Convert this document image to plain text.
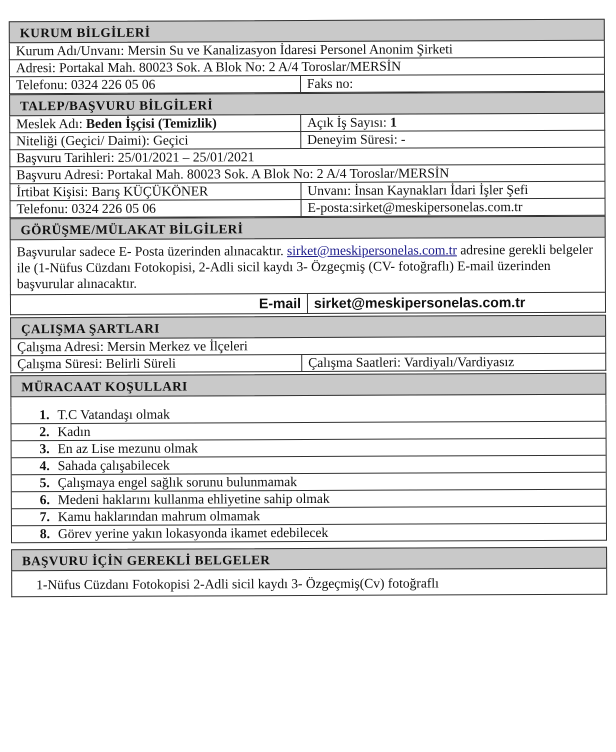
KURUM BİLGİLERİ
Kurum Adı/Unvanı: Mersin Su ve Kanalizasyon İdaresi Personel Anonim Şirketi
Adresi: Portakal Mah. 80023 Sok. A Blok No: 2 A/4 Toroslar/MERSİN
Telefonu: 0324 226 05 06	Faks no:
TALEP/BAŞVURU BİLGİLERİ
Meslek Adı: Beden İşçisi (Temizlik)	Açık İş Sayısı: 1
Niteliği (Geçici/ Daimi): Geçici	Deneyim Süresi: -
Başvuru Tarihleri: 25/01/2021 – 25/01/2021
Başvuru Adresi: Portakal Mah. 80023 Sok. A Blok No: 2 A/4 Toroslar/MERSİN
İrtibat Kişisi: Barış KÜÇÜKÖNER	Unvanı: İnsan Kaynakları İdari İşler Şefi
Telefonu: 0324 226 05 06	E-posta:sirket@meskipersonelas.com.tr
GÖRÜŞME/MÜLAKAT BİLGİLERİ
Başvurular sadece E- Posta üzerinden alınacaktır. sirket@meskipersonelas.com.tr adresine gerekli belgeler ile (1-Nüfus Cüzdanı Fotokopisi, 2-Adli sicil kaydı 3- Özgeçmiş (CV- fotoğraflı) E-mail üzerinden başvurular alınacaktır.
E-mail sirket@meskipersonelas.com.tr
ÇALIŞMA ŞARTLARI
Çalışma Adresi: Mersin Merkez ve İlçeleri
Çalışma Süresi: Belirli Süreli	Çalışma Saatleri: Vardiyalı/Vardiyasız
MÜRACAAT KOŞULLARI
1. T.C Vatandaşı olmak
2. Kadın
3. En az Lise mezunu olmak
4. Sahada çalışabilecek
5. Çalışmaya engel sağlık sorunu bulunmamak
6. Medeni haklarını kullanma ehliyetine sahip olmak
7. Kamu haklarından mahrum olmamak
8. Görev yerine yakın lokasyonda ikamet edebilecek
BAŞVURU İÇİN GEREKLİ BELGELER
1-Nüfus Cüzdanı Fotokopisi 2-Adli sicil kaydı 3- Özgeçmiş(Cv) fotoğraflı
